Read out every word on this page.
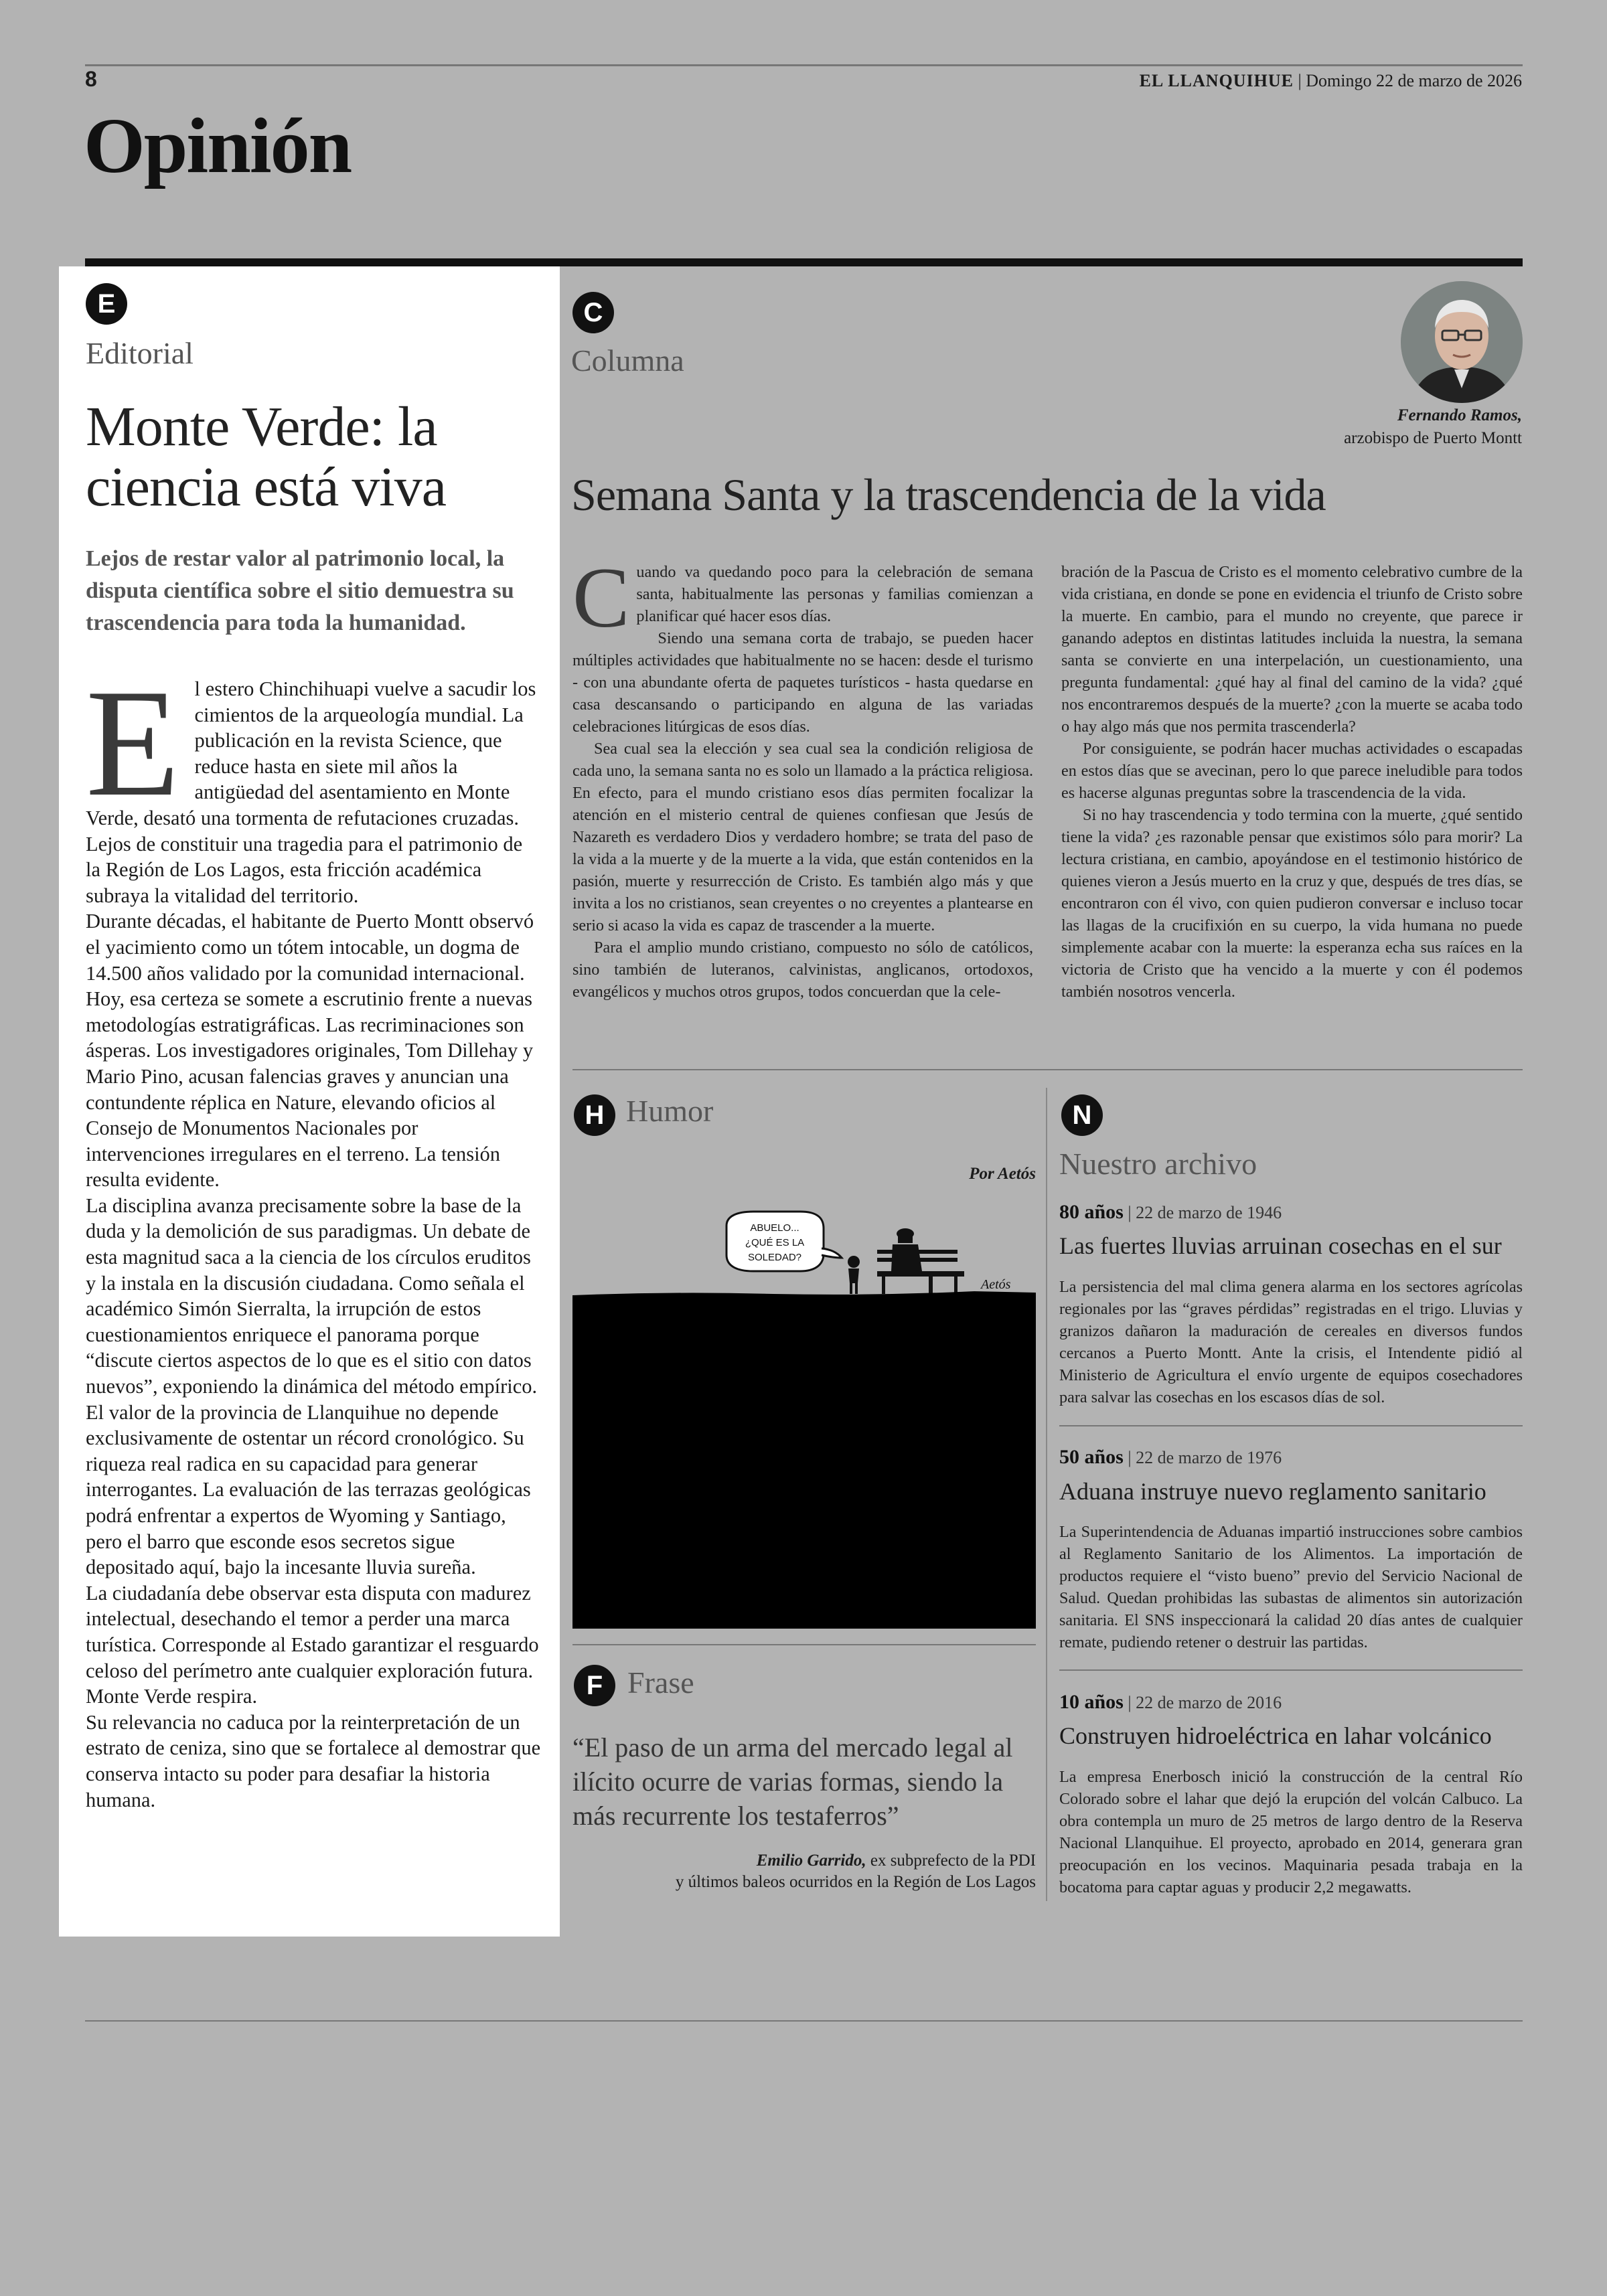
8	EL LLANQUIHUE | Domingo 22 de marzo de 2026
Opinión
E
Editorial
Monte Verde: la ciencia está viva
Lejos de restar valor al patrimonio local, la disputa científica sobre el sitio demuestra su trascendencia para toda la humanidad.

El estero Chinchihuapi vuelve a sacudir los cimientos de la arqueología mundial. La publicación en la revista Science, que reduce hasta en siete mil años la antigüedad del asentamiento en Monte Verde, desató una tormenta de refutaciones cruzadas. Lejos de constituir una tragedia para el patrimonio de la Región de Los Lagos, esta fricción académica subraya la vitalidad del territorio.

Durante décadas, el habitante de Puerto Montt observó el yacimiento como un tótem intocable, un dogma de 14.500 años validado por la comunidad internacional. Hoy, esa certeza se somete a escrutinio frente a nuevas metodologías estratigráficas. Las recriminaciones son ásperas. Los investigadores originales, Tom Dillehay y Mario Pino, acusan falencias graves y anuncian una contundente réplica en Nature, elevando oficios al Consejo de Monumentos Nacionales por intervenciones irregulares en el terreno. La tensión resulta evidente.

La disciplina avanza precisamente sobre la base de la duda y la demolición de sus paradigmas. Un debate de esta magnitud saca a la ciencia de los círculos eruditos y la instala en la discusión ciudadana. Como señala el académico Simón Sierralta, la irrupción de estos cuestionamientos enriquece el panorama porque “discute ciertos aspectos de lo que es el sitio con datos nuevos”, exponiendo la dinámica del método empírico.

El valor de la provincia de Llanquihue no depende exclusivamente de ostentar un récord cronológico. Su riqueza real radica en su capacidad para generar interrogantes. La evaluación de las terrazas geológicas podrá enfrentar a expertos de Wyoming y Santiago, pero el barro que esconde esos secretos sigue depositado aquí, bajo la incesante lluvia sureña.

La ciudadanía debe observar esta disputa con madurez intelectual, desechando el temor a perder una marca turística. Corresponde al Estado garantizar el resguardo celoso del perímetro ante cualquier exploración futura. Monte Verde respira.

Su relevancia no caduca por la reinterpretación de un estrato de ceniza, sino que se fortalece al demostrar que conserva intacto su poder para desafiar la historia humana.

C
Columna
Fernando Ramos,
arzobispo de Puerto Montt
Semana Santa y la trascendencia de la vida

Cuando va quedando poco para la celebración de semana santa, habitualmente las personas y familias comienzan a planificar qué hacer esos días.

Siendo una semana corta de trabajo, se pueden hacer múltiples actividades que habitualmente no se hacen: desde el turismo - con una abundante oferta de paquetes turísticos - hasta quedarse en casa descansando o participando en alguna de las variadas celebraciones litúrgicas de esos días.

Sea cual sea la elección y sea cual sea la condición religiosa de cada uno, la semana santa no es solo un llamado a la práctica religiosa. En efecto, para el mundo cristiano esos días permiten focalizar la atención en el misterio central de quienes confiesan que Jesús de Nazareth es verdadero Dios y verdadero hombre; se trata del paso de la vida a la muerte y de la muerte a la vida, que están contenidos en la pasión, muerte y resurrección de Cristo. Es también algo más y que invita a los no cristianos, sean creyentes o no creyentes a plantearse en serio si acaso la vida es capaz de trascender a la muerte.

Para el amplio mundo cristiano, compuesto no sólo de católicos, sino también de luteranos, calvinistas, anglicanos, ortodoxos, evangélicos y muchos otros grupos, todos concuerdan que la cele-

bración de la Pascua de Cristo es el momento celebrativo cumbre de la vida cristiana, en donde se pone en evidencia el triunfo de Cristo sobre la muerte. En cambio, para el mundo no creyente, que parece ir ganando adeptos en distintas latitudes incluida la nuestra, la semana santa se convierte en una interpelación, un cuestionamiento, una pregunta fundamental: ¿qué hay al final del camino de la vida? ¿qué nos encontraremos después de la muerte? ¿con la muerte se acaba todo o hay algo más que nos permita trascenderla?

Por consiguiente, se podrán hacer muchas actividades o escapadas en estos días que se avecinan, pero lo que parece ineludible para todos es hacerse algunas preguntas sobre la trascendencia de la vida.

Si no hay trascendencia y todo termina con la muerte, ¿qué sentido tiene la vida? ¿es razonable pensar que existimos sólo para morir? La lectura cristiana, en cambio, apoyándose en el testimonio histórico de quienes vieron a Jesús muerto en la cruz y que, después de tres días, se encontraron con él vivo, con quien pudieron conversar e incluso tocar las llagas de la crucifixión en su cuerpo, la vida humana no puede simplemente acabar con la muerte: la esperanza echa sus raíces en la victoria de Cristo que ha vencido a la muerte y con él podemos también nosotros vencerla.

H Humor
Por Aetós
ABUELO...
¿QUÉ ES LA
SOLEDAD?
Aetós
N
Nuestro archivo
80 años | 22 de marzo de 1946
Las fuertes lluvias arruinan cosechas en el sur
La persistencia del mal clima genera alarma en los sectores agrícolas regionales por las “graves pérdidas” registradas en el trigo. Lluvias y granizos dañaron la maduración de cereales en diversos fundos cercanos a Puerto Montt. Ante la crisis, el Intendente pidió al Ministerio de Agricultura el envío urgente de equipos cosechadores para salvar las cosechas en los escasos días de sol.
50 años | 22 de marzo de 1976
Aduana instruye nuevo reglamento sanitario
La Superintendencia de Aduanas impartió instrucciones sobre cambios al Reglamento Sanitario de los Alimentos. La importación de productos requiere el “visto bueno” previo del Servicio Nacional de Salud. Quedan prohibidas las subastas de alimentos sin autorización sanitaria. El SNS inspeccionará la calidad 20 días antes de cualquier remate, pudiendo retener o destruir las partidas.
10 años | 22 de marzo de 2016
Construyen hidroeléctrica en lahar volcánico
La empresa Enerbosch inició la construcción de la central Río Colorado sobre el lahar que dejó la erupción del volcán Calbuco. La obra contempla un muro de 25 metros de largo dentro de la Reserva Nacional Llanquihue. El proyecto, aprobado en 2014, generara gran preocupación en los vecinos. Maquinaria pesada trabaja en la bocatoma para captar aguas y producir 2,2 megawatts.
F Frase
“El paso de un arma del mercado legal al ilícito ocurre de varias formas, siendo la más recurrente los testaferros”
Emilio Garrido, ex subprefecto de la PDI
y últimos baleos ocurridos en la Región de Los Lagos
